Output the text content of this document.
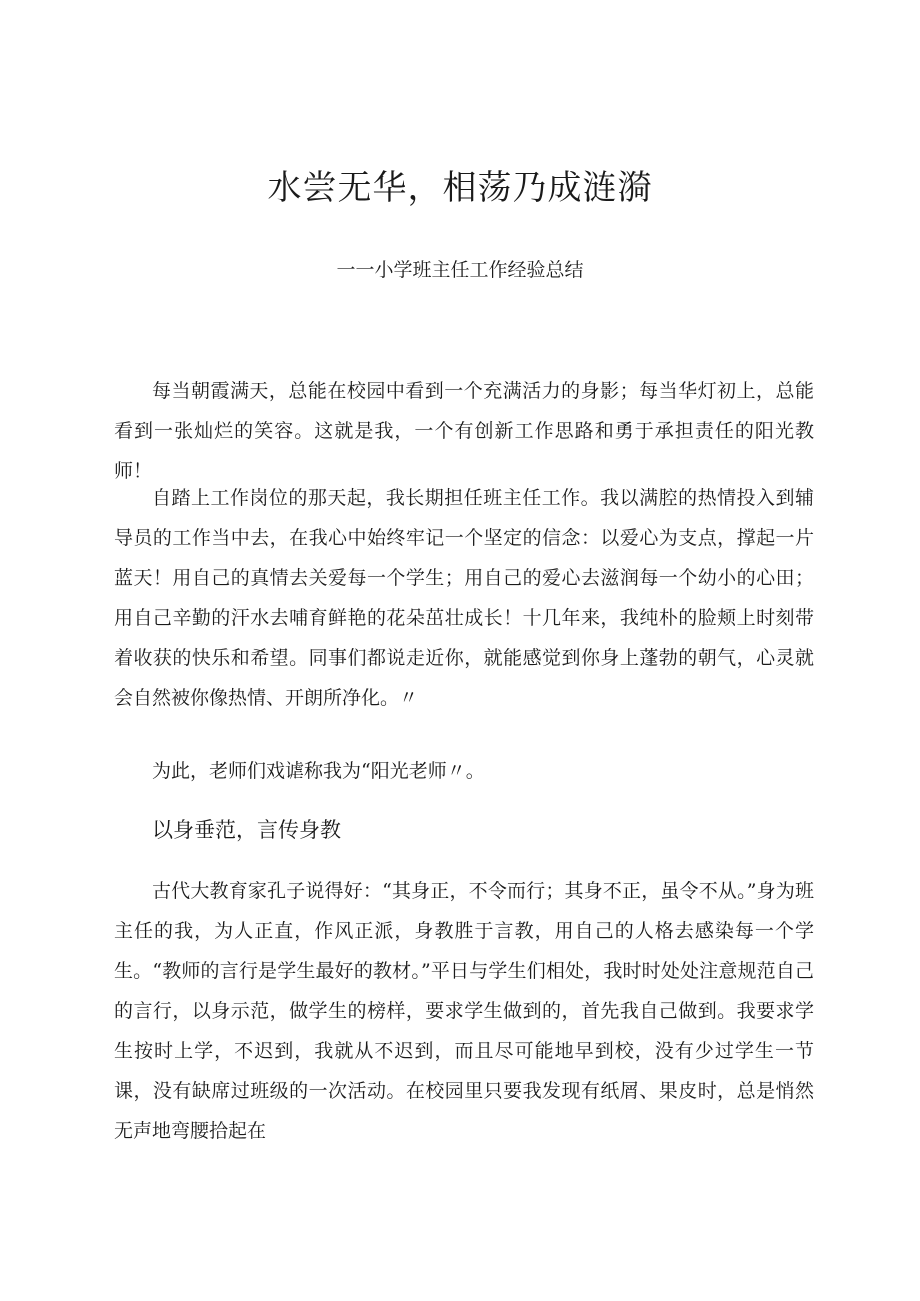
水尝无华，相荡乃成涟漪

一一小学班主任工作经验总结

每当朝霞满天，总能在校园中看到一个充满活力的身影；每当华灯初上，总能看到一张灿烂的笑容。这就是我，一个有创新工作思路和勇于承担责任的阳光教师！

自踏上工作岗位的那天起，我长期担任班主任工作。我以满腔的热情投入到辅导员的工作当中去，在我心中始终牢记一个坚定的信念：以爱心为支点，撑起一片蓝天！用自己的真情去关爱每一个学生；用自己的爱心去滋润每一个幼小的心田；用自己辛勤的汗水去哺育鲜艳的花朵茁壮成长！十几年来，我纯朴的脸颊上时刻带着收获的快乐和希望。同事们都说走近你，就能感觉到你身上蓬勃的朝气，心灵就会自然被你像热情、开朗所净化。〃

为此，老师们戏谑称我为“阳光老师〃。

以身垂范，言传身教

古代大教育家孔子说得好：“其身正，不令而行；其身不正，虽令不从。”身为班主任的我，为人正直，作风正派，身教胜于言教，用自己的人格去感染每一个学生。“教师的言行是学生最好的教材。”平日与学生们相处，我时时处处注意规范自己的言行，以身示范，做学生的榜样，要求学生做到的，首先我自己做到。我要求学生按时上学，不迟到，我就从不迟到，而且尽可能地早到校，没有少过学生一节课，没有缺席过班级的一次活动。在校园里只要我发现有纸屑、果皮时，总是悄然无声地弯腰拾起在
